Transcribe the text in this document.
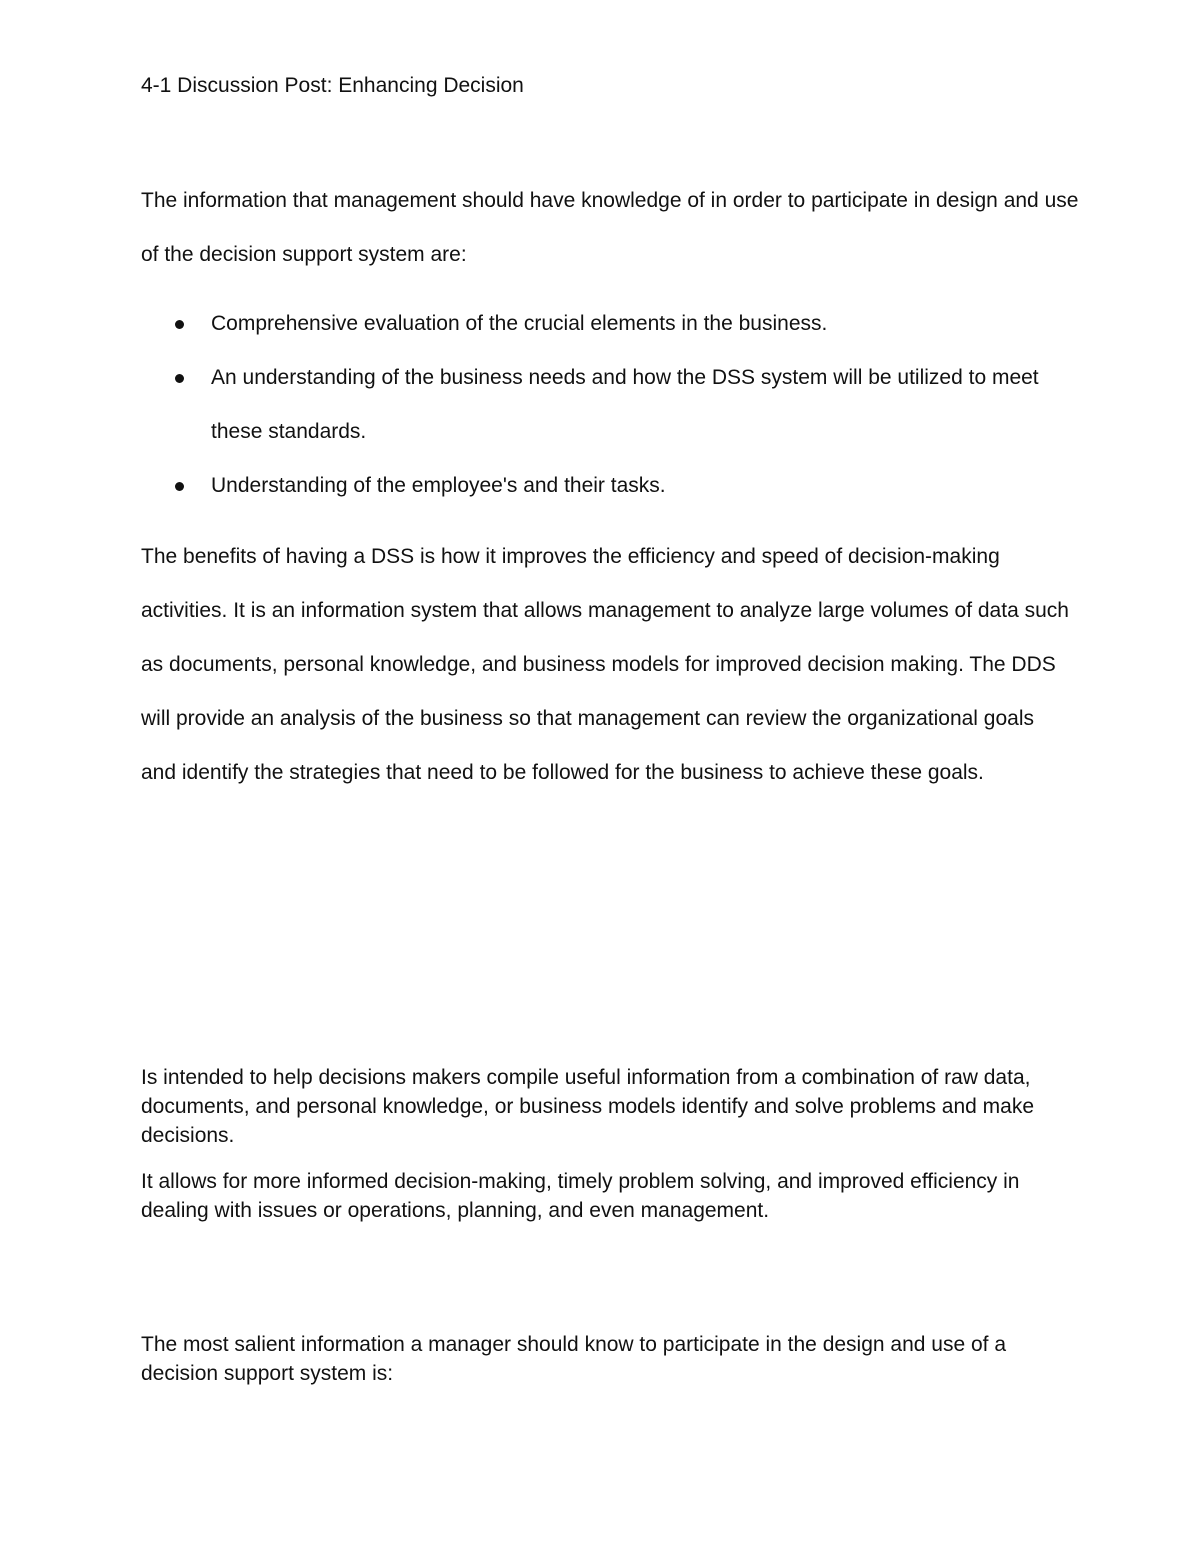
4-1 Discussion Post: Enhancing Decision

The information that management should have knowledge of in order to participate in design and use of the decision support system are:

Comprehensive evaluation of the crucial elements in the business.
An understanding of the business needs and how the DSS system will be utilized to meet these standards.
Understanding of the employee's and their tasks.

The benefits of having a DSS is how it improves the efficiency and speed of decision-making activities. It is an information system that allows management to analyze large volumes of data such as documents, personal knowledge, and business models for improved decision making. The DDS will provide an analysis of the business so that management can review the organizational goals and identify the strategies that need to be followed for the business to achieve these goals.

Is intended to help decisions makers compile useful information from a combination of raw data, documents, and personal knowledge, or business models identify and solve problems and make decisions.

It allows for more informed decision-making, timely problem solving, and improved efficiency in dealing with issues or operations, planning, and even management.

The most salient information a manager should know to participate in the design and use of a decision support system is:
